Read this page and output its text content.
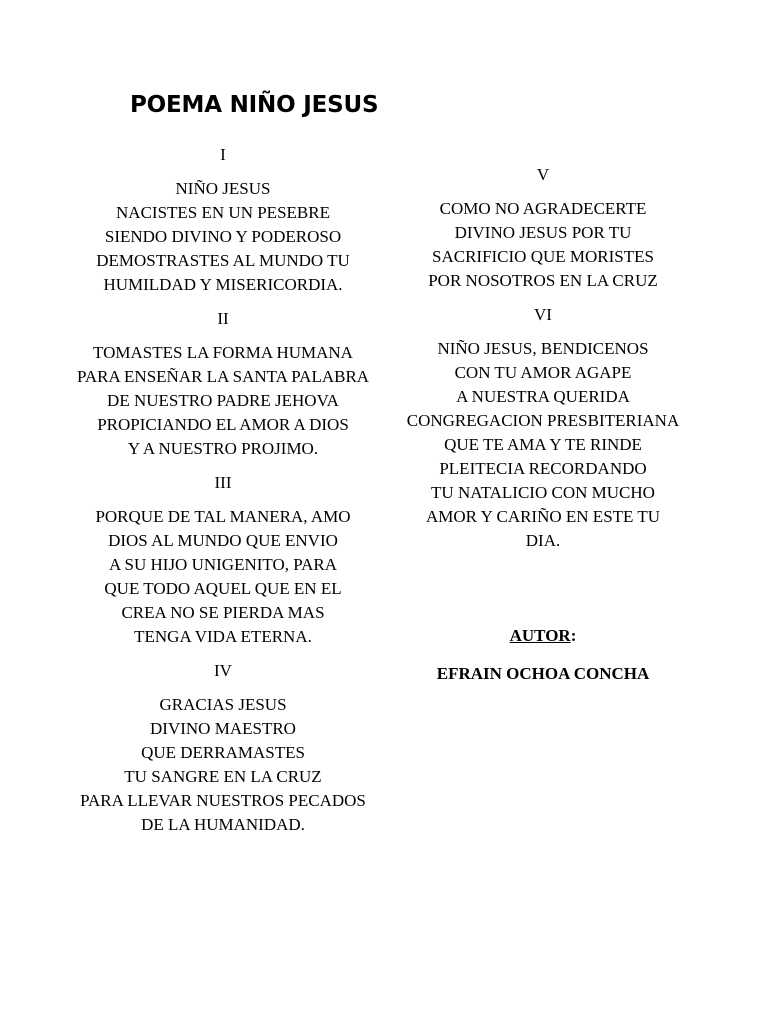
POEMA NIÑO JESUS

I

NIÑO JESUS
NACISTES EN UN PESEBRE
SIENDO DIVINO Y PODEROSO
DEMOSTRASTES AL MUNDO TU
HUMILDAD Y MISERICORDIA.

II

TOMASTES LA FORMA HUMANA
PARA ENSEÑAR LA SANTA PALABRA
DE NUESTRO PADRE JEHOVA
PROPICIANDO EL AMOR A DIOS
Y A NUESTRO PROJIMO.

III

PORQUE DE TAL MANERA, AMO
DIOS AL MUNDO QUE ENVIO
A SU HIJO UNIGENITO, PARA
QUE TODO AQUEL QUE EN EL
CREA NO SE PIERDA MAS
TENGA VIDA ETERNA.

IV

GRACIAS JESUS
DIVINO MAESTRO
QUE DERRAMASTES
TU SANGRE EN LA CRUZ
PARA LLEVAR NUESTROS PECADOS
DE LA HUMANIDAD.

V

COMO NO AGRADECERTE
DIVINO JESUS POR TU
SACRIFICIO QUE MORISTES
POR NOSOTROS EN LA CRUZ

VI

NIÑO JESUS, BENDICENOS
CON TU AMOR AGAPE
A NUESTRA QUERIDA
CONGREGACION PRESBITERIANA
QUE TE AMA Y TE RINDE
PLEITECIA RECORDANDO
TU NATALICIO CON MUCHO
AMOR Y CARIÑO EN ESTE TU
DIA.

AUTOR:
EFRAIN OCHOA CONCHA
